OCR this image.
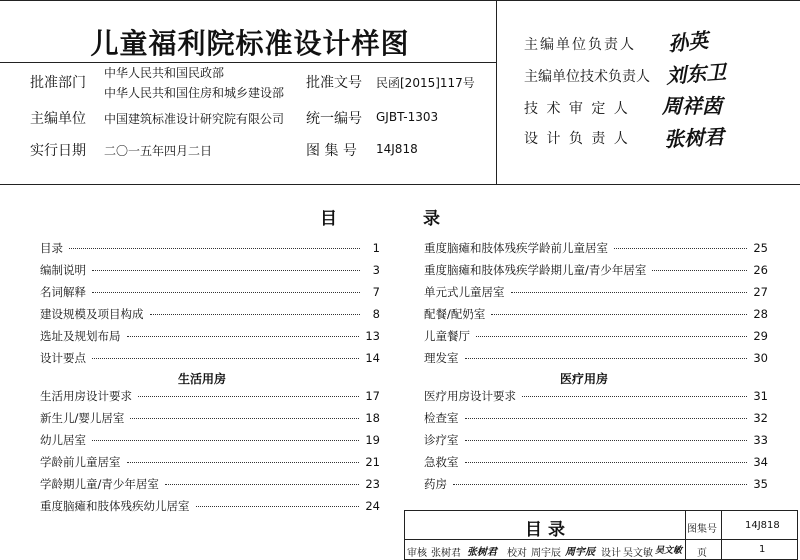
儿童福利院标准设计样图
批准部门
中华人民共和国民政部
中华人民共和国住房和城乡建设部
批准文号 民函[2015]117号
主编单位 中国建筑标准设计研究院有限公司 统一编号 GJBT-1303
实行日期 二〇一五年四月二日	图 集 号 14J818
主编单位负责人 孙英
主编单位技术负责人 刘东卫
技 术 审 定 人 周祥茵
设 计 负 责 人 张树君
目 录
目录	1
编制说明	3
名词解释	7
建设规模及项目构成	8
选址及规划布局	13
设计要点	14
重度脑瘫和肢体残疾学龄前儿童居室	25
重度脑瘫和肢体残疾学龄期儿童/青少年居室	26
单元式儿童居室	27
配餐/配奶室	28
儿童餐厅	29
理发室	30
生活用房	医疗用房
生活用房设计要求	17
新生儿/婴儿居室	18
幼儿居室	19
学龄前儿童居室	21
学龄期儿童/青少年居室	23
重度脑瘫和肢体残疾幼儿居室	24
医疗用房设计要求	31
检查室	32
诊疗室	33
急救室	34
药房	35
目 录	图集号	14J818
审核 张树君 张树君 校对 周宇辰 周宇辰 设计 吴文敏 吴文敏 页	1
